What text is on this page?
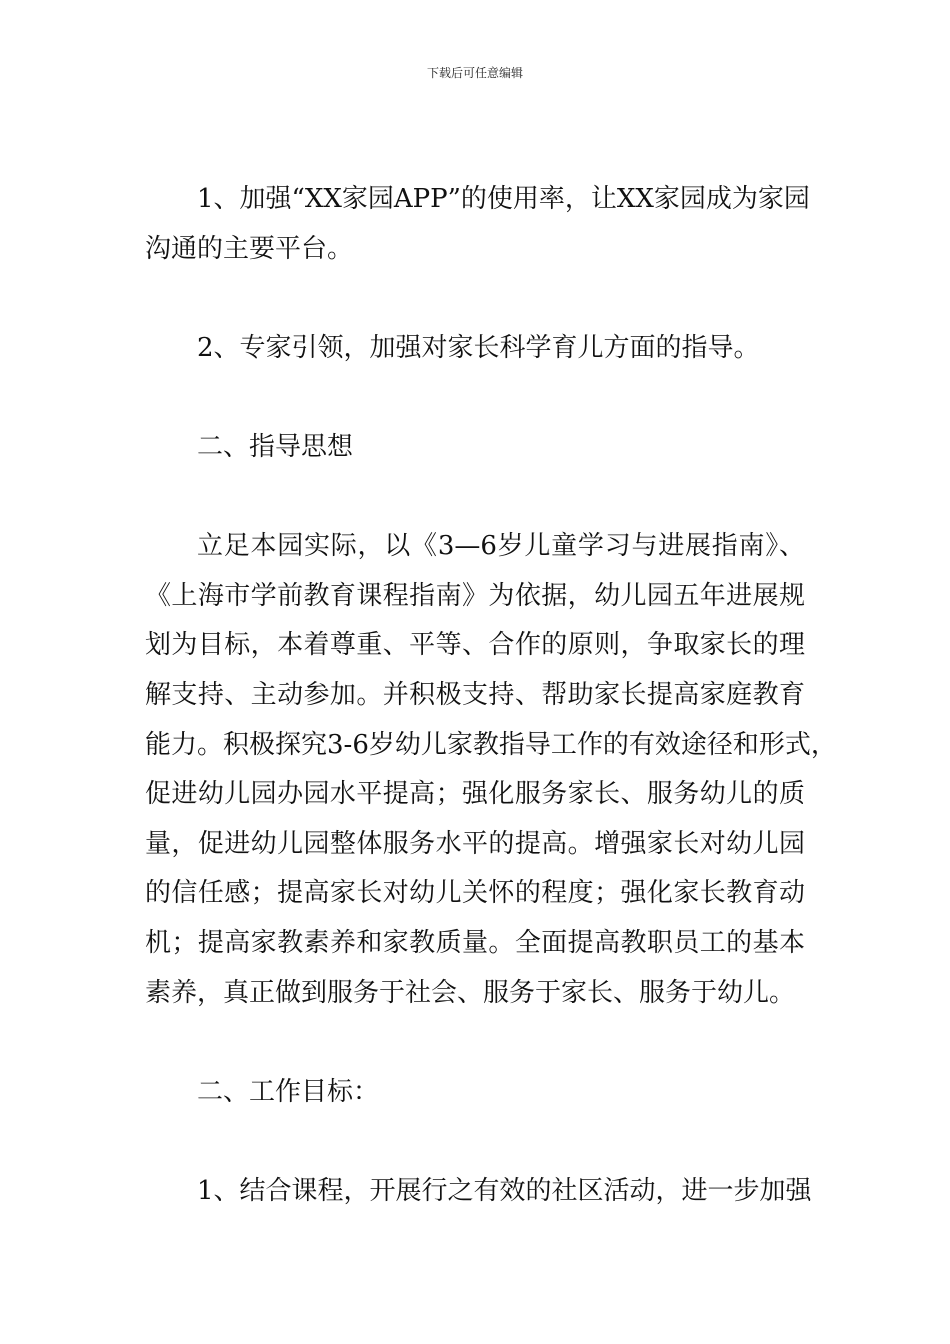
下载后可任意编辑
1、加强“XX家园APP”的使用率，让XX家园成为家园
沟通的主要平台。
2、专家引领，加强对家长科学育儿方面的指导。
二、指导思想
立足本园实际，以《3—6岁儿童学习与进展指南》、
《上海市学前教育课程指南》为依据，幼儿园五年进展规
划为目标，本着尊重、平等、合作的原则，争取家长的理
解支持、主动参加。并积极支持、帮助家长提高家庭教育
能力。积极探究3-6岁幼儿家教指导工作的有效途径和形式，
促进幼儿园办园水平提高；强化服务家长、服务幼儿的质
量，促进幼儿园整体服务水平的提高。增强家长对幼儿园
的信任感；提高家长对幼儿关怀的程度；强化家长教育动
机；提高家教素养和家教质量。全面提高教职员工的基本
素养，真正做到服务于社会、服务于家长、服务于幼儿。
二、工作目标：
1、结合课程，开展行之有效的社区活动，进一步加强
